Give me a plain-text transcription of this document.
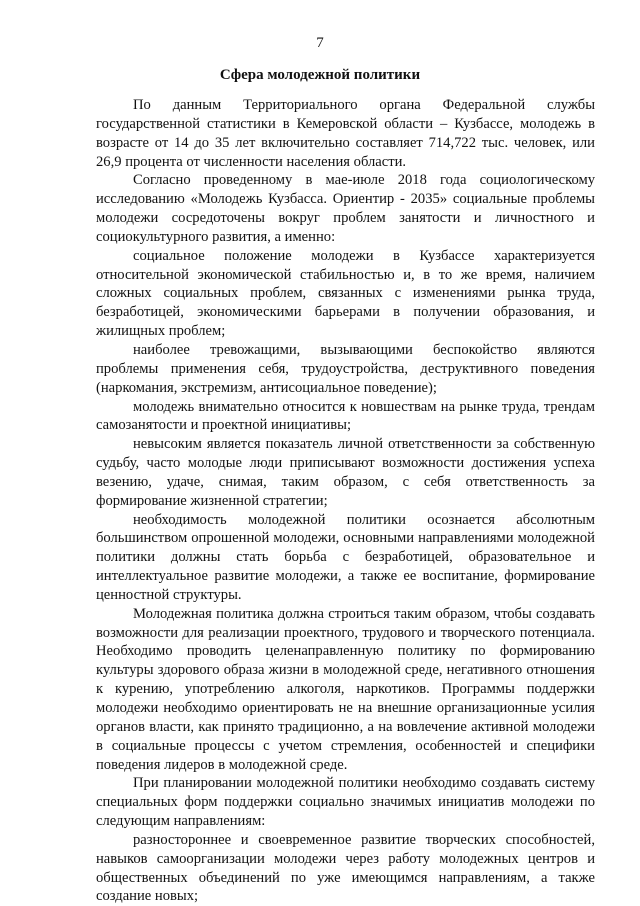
7
Сфера молодежной политики

По данным Территориального органа Федеральной службы государственной статистики в Кемеровской области – Кузбассе, молодежь в возрасте от 14 до 35 лет включительно составляет 714,722 тыс. человек, или 26,9 процента от численности населения области.

Согласно проведенному в мае-июле 2018 года социологическому исследованию «Молодежь Кузбасса. Ориентир - 2035» социальные проблемы молодежи сосредоточены вокруг проблем занятости и личностного и социокультурного развития, а именно:

социальное положение молодежи в Кузбассе характеризуется относительной экономической стабильностью и, в то же время, наличием сложных социальных проблем, связанных с изменениями рынка труда, безработицей, экономическими барьерами в получении образования, и жилищных проблем;

наиболее тревожащими, вызывающими беспокойство являются проблемы применения себя, трудоустройства, деструктивного поведения (наркомания, экстремизм, антисоциальное поведение);

молодежь внимательно относится к новшествам на рынке труда, трендам самозанятости и проектной инициативы;

невысоким является показатель личной ответственности за собственную судьбу, часто молодые люди приписывают возможности достижения успеха везению, удаче, снимая, таким образом, с себя ответственность за формирование жизненной стратегии;

необходимость молодежной политики осознается абсолютным большинством опрошенной молодежи, основными направлениями молодежной политики должны стать борьба с безработицей, образовательное и интеллектуальное развитие молодежи, а также ее воспитание, формирование ценностной структуры.

Молодежная политика должна строиться таким образом, чтобы создавать возможности для реализации проектного, трудового и творческого потенциала. Необходимо проводить целенаправленную политику по формированию культуры здорового образа жизни в молодежной среде, негативного отношения к курению, употреблению алкоголя, наркотиков. Программы поддержки молодежи необходимо ориентировать не на внешние организационные усилия органов власти, как принято традиционно, а на вовлечение активной молодежи в социальные процессы с учетом стремления, особенностей и специфики поведения лидеров в молодежной среде.

При планировании молодежной политики необходимо создавать систему специальных форм поддержки социально значимых инициатив молодежи по следующим направлениям:

разностороннее и своевременное развитие творческих способностей, навыков самоорганизации молодежи через работу молодежных центров и общественных объединений по уже имеющимся направлениям, а также создание новых;
